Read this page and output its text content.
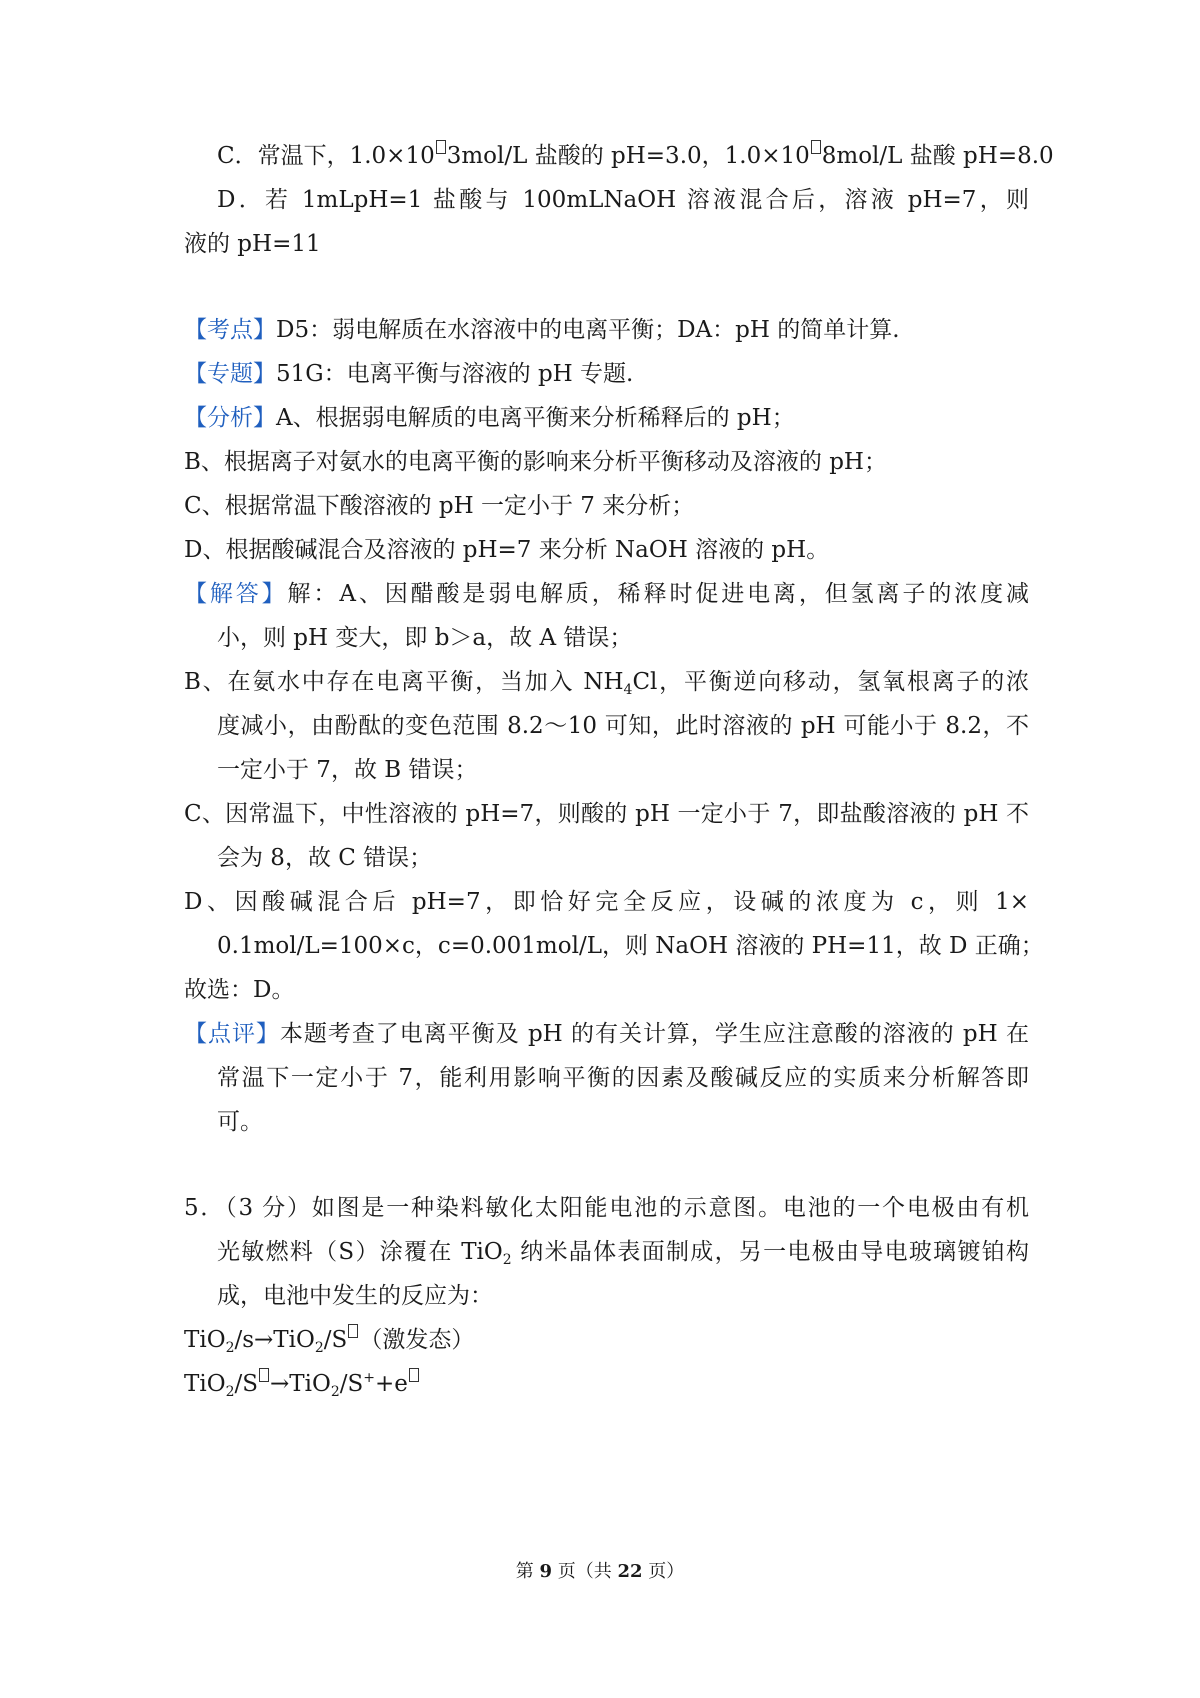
C．常温下，1.0×10 3mol/L 盐酸的 pH=3.0，1.0×10 8mol/L 盐酸 pH=8.0
D．若 1mLpH=1 盐酸与 100mLNaOH 溶液混合后，溶液 pH=7，则
液的 pH=11
【考点】D5：弱电解质在水溶液中的电离平衡；DA：pH 的简单计算.
【专题】51G：电离平衡与溶液的 pH 专题.
【分析】A、根据弱电解质的电离平衡来分析稀释后的 pH；
B、根据离子对氨水的电离平衡的影响来分析平衡移动及溶液的 pH；
C、根据常温下酸溶液的 pH 一定小于 7 来分析；
D、根据酸碱混合及溶液的 pH=7 来分析 NaOH 溶液的 pH。
【解答】解：A、因醋酸是弱电解质，稀释时促进电离，但氢离子的浓度减
小，则 pH 变大，即 b＞a，故 A 错误；
B、在氨水中存在电离平衡，当加入 $NH_4Cl$，平衡逆向移动，氢氧根离子的浓
度减小，由酚酞的变色范围 8.2～10 可知，此时溶液的 pH 可能小于 8.2，不
一定小于 7，故 B 错误；
C、因常温下，中性溶液的 pH=7，则酸的 pH 一定小于 7，即盐酸溶液的 pH 不
会为 8，故 C 错误；
D、因酸碱混合后 pH=7，即恰好完全反应，设碱的浓度为 c，则 1×
0.1mol/L=100×c，c=0.001mol/L，则 NaOH 溶液的 PH=11，故 D 正确；
故选：D。
【点评】本题考查了电离平衡及 pH 的有关计算，学生应注意酸的溶液的 pH 在
常温下一定小于 7，能利用影响平衡的因素及酸碱反应的实质来分析解答即
可。
5．（3 分）如图是一种染料敏化太阳能电池的示意图。电池的一个电极由有机
光敏燃料（S）涂覆在 TiO$_2$ 纳米晶体表面制成，另一电极由导电玻璃镀铂构
成，电池中发生的反应为：
TiO$_2$/s→TiO$_2$/S （激发态）
TiO$_2$/S →TiO$_2$/S++e
第 9 页（共 22 页）
